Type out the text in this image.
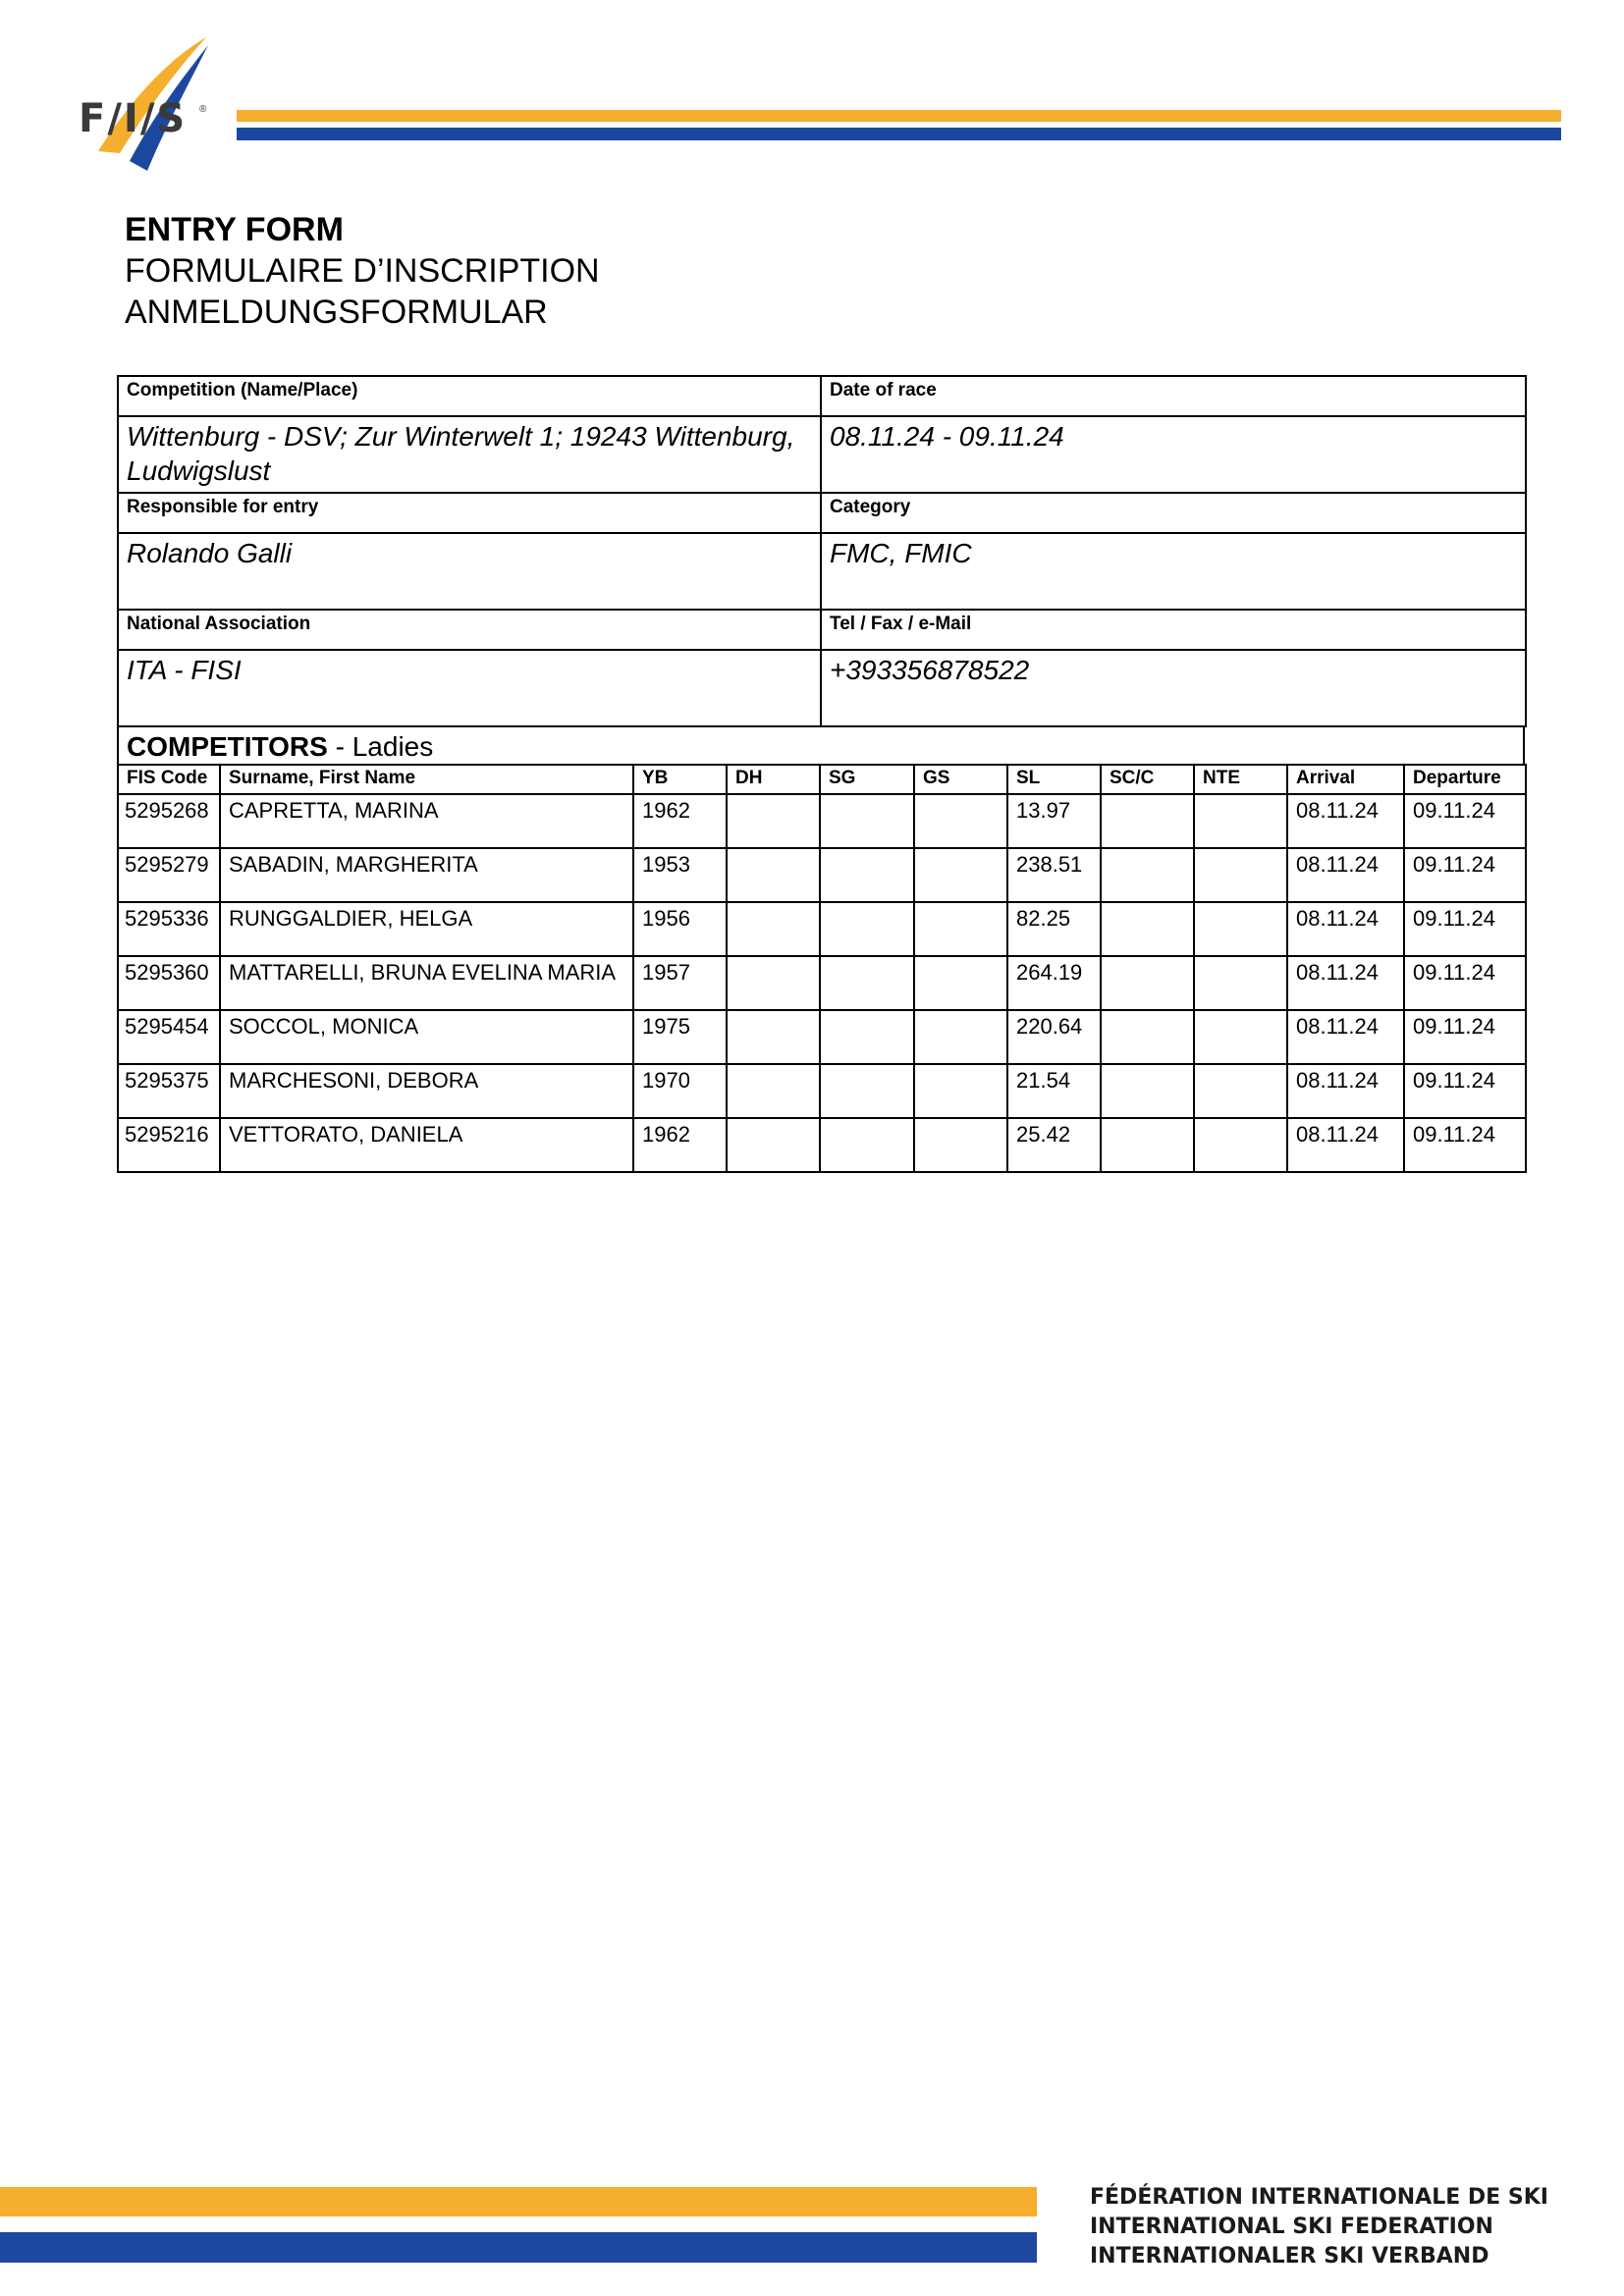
F/I/S ®
ENTRY FORM
FORMULAIRE D’INSCRIPTION
ANMELDUNGSFORMULAR
Competition (Name/Place)	Date of race
Wittenburg - DSV; Zur Winterwelt 1; 19243 Wittenburg, Ludwigslust	08.11.24 - 09.11.24
Responsible for entry	Category
Rolando Galli	FMC, FMIC
National Association	Tel / Fax / e-Mail
ITA - FISI	+393356878522
COMPETITORS - Ladies
FIS Code	Surname, First Name	YB	DH	SG	GS	SL	SC/C	NTE	Arrival	Departure
5295268	CAPRETTA, MARINA	1962				13.97			08.11.24	09.11.24
5295279	SABADIN, MARGHERITA	1953				238.51			08.11.24	09.11.24
5295336	RUNGGALDIER, HELGA	1956				82.25			08.11.24	09.11.24
5295360	MATTARELLI, BRUNA EVELINA MARIA	1957				264.19			08.11.24	09.11.24
5295454	SOCCOL, MONICA	1975				220.64			08.11.24	09.11.24
5295375	MARCHESONI, DEBORA	1970				21.54			08.11.24	09.11.24
5295216	VETTORATO, DANIELA	1962				25.42			08.11.24	09.11.24
FÉDÉRATION INTERNATIONALE DE SKI
INTERNATIONAL SKI FEDERATION
INTERNATIONALER SKI VERBAND
